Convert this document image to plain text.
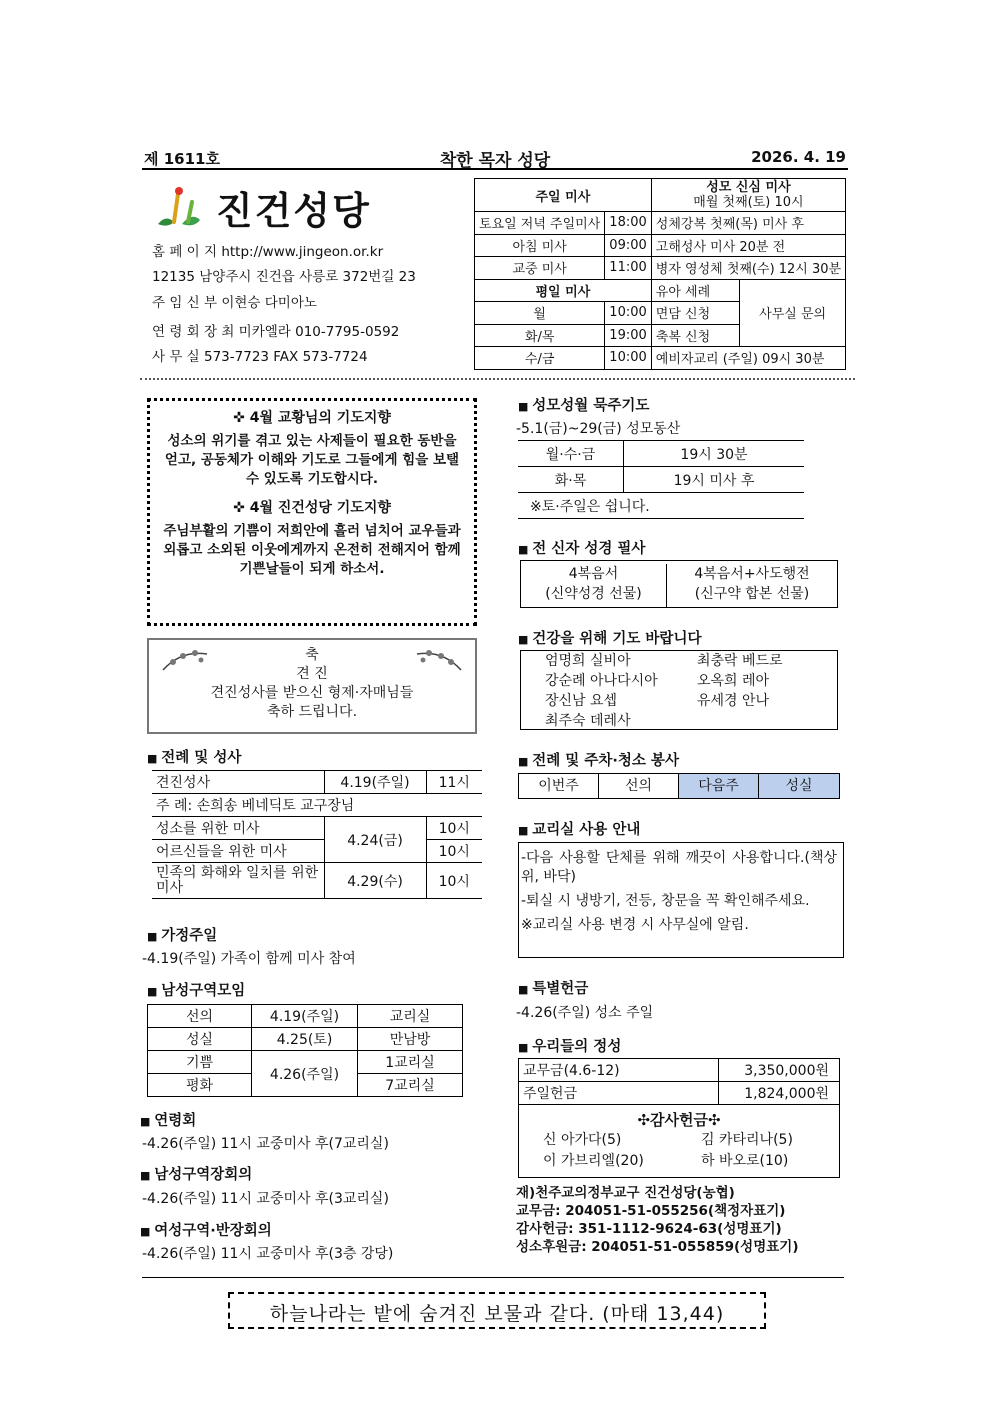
제 1611호	착한 목자 성당	2026. 4. 19
진건성당
홈 페 이 지 http://www.jingeon.or.kr
12135 남양주시 진건읍 사릉로 372번길 23
주 임 신 부 이현승 다미아노
연 령 회 장 최 미카엘라 010-7795-0592
사 무 실 573-7723 FAX 573-7724
주일 미사		성모 신심 미사
매월 첫째(토) 10시	

토요일 저녁 주일미사	18:00	성체강복 첫째(목) 미사 후	
아침 미사	09:00	고해성사 미사 20분 전	
교중 미사	11:00	병자 영성체 첫째(수) 12시 30분	
평일 미사		유아 세례	사무실 문의
월	10:00	면담 신청	
화/목	19:00	축복 신청	
수/금	10:00	예비자교리 (주일) 09시 30분	
✜ 4월 교황님의 기도지향

성소의 위기를 겪고 있는 사제들이 필요한 동반을 얻고, 공동체가 이해와 기도로 그들에게 힘을 보탤 수 있도록 기도합시다.

✜ 4월 진건성당 기도지향

주님부활의 기쁨이 저희안에 흘러 넘치어 교우들과 외롭고 소외된 이웃에게까지 온전히 전해지어 함께 기쁜날들이 되게 하소서.

축
견 진
견진성사를 받으신 형제·자매님들
축하 드립니다.
■ 전례 및 성사
견진성사	4.19(주일)	11시
주 례: 손희송 베네딕토 교구장님		
성소를 위한 미사	4.24(금)	10시
어르신들을 위한 미사		10시
민족의 화해와 일치를 위한 미사	4.29(수)	10시
■ 가정주일
-4.19(주일) 가족이 함께 미사 참여
■ 남성구역모임
선의	4.19(주일)	교리실
성실	4.25(토)	만남방
기쁨	4.26(주일)	1교리실
평화		7교리실
■ 연령회
-4.26(주일) 11시 교중미사 후(7교리실)
■ 남성구역장회의
-4.26(주일) 11시 교중미사 후(3교리실)
■ 여성구역·반장회의
-4.26(주일) 11시 교중미사 후(3층 강당)
■ 성모성월 묵주기도
-5.1(금)~29(금) 성모동산
월·수·금	19시 30분
화·목	19시 미사 후
※토·주일은 쉽니다.
■ 전 신자 성경 필사
4복음서
(신약성경 선물)
4복음서+사도행전
(신구약 합본 선물)
■ 건강을 위해 기도 바랍니다
엄명희 실비아	최충락 베드로
강순례 아나다시아	오옥희 레아
장신남 요셉	유세경 안나
최주숙 데레사
■ 전례 및 주차·청소 봉사
이번주	선의	다음주	성실
■ 교리실 사용 안내
-다음 사용할 단체를 위해 깨끗이 사용합니다.(책상 위, 바닥)
-퇴실 시 냉방기, 전등, 창문을 꼭 확인해주세요.
※교리실 사용 변경 시 사무실에 알림.
■ 특별헌금
-4.26(주일) 성소 주일
■ 우리들의 정성
교무금(4.6-12)	3,350,000원
주일헌금	1,824,000원
✣감사헌금✣
신 아가다(5)	김 카타리나(5)
이 가브리엘(20)	하 바오로(10)
재)천주교의정부교구 진건성당(농협)
교무금: 204051-51-055256(책정자표기)
감사헌금: 351-1112-9624-63(성명표기)
성소후원금: 204051-51-055859(성명표기)
하늘나라는 밭에 숨겨진 보물과 같다. (마태 13,44)
